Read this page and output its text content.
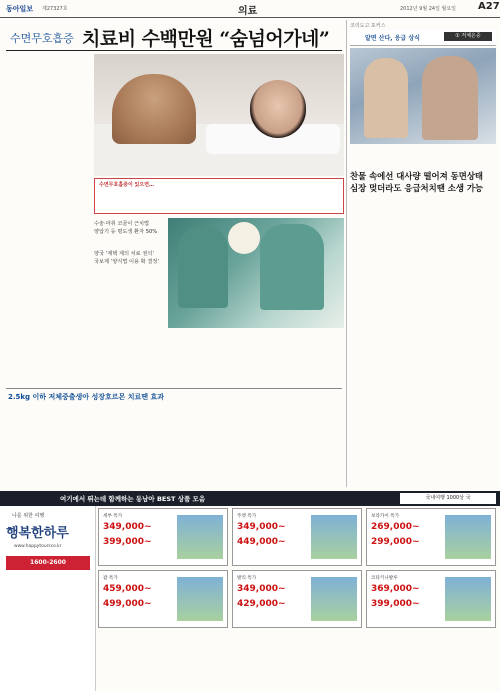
동아일보 제27327호	의료	2012년 9월 24일 월요일 A27
수면무호흡증 치료비 수백만원 “숨넘어가네”
수면무호흡증이 있으면…
수술·마취 코골이 근치법
양압기 등 평도생 환자 50%
양국 ‘재택 제의 치료 권의’
국보제 ‘양식법 이용 확 결정’
2.5kg 이하 저체중출생아 성장호르몬 치료땐 효과
코리도고 포커스
알면 산다, 응급 상식	① 저체온증
찬물 속에선 대사량 떨어져 동면상태
심장 멎더라도 응급처치땐 소생 가능
여기에서 뛰는데 함께하는 동남아 BEST 상품 모음	국내여행 1000상 국
나를 위한 여행
행복한하루
www.happytoursco.kr
1600-2600
세부 특가
349,000~
399,000~
푸켓 특가
349,000~
449,000~
보라카이 특가
269,000~
299,000~
괌 특가
459,000~
499,000~
발리 특가
349,000~
429,000~
코타키나발루
369,000~
399,000~
